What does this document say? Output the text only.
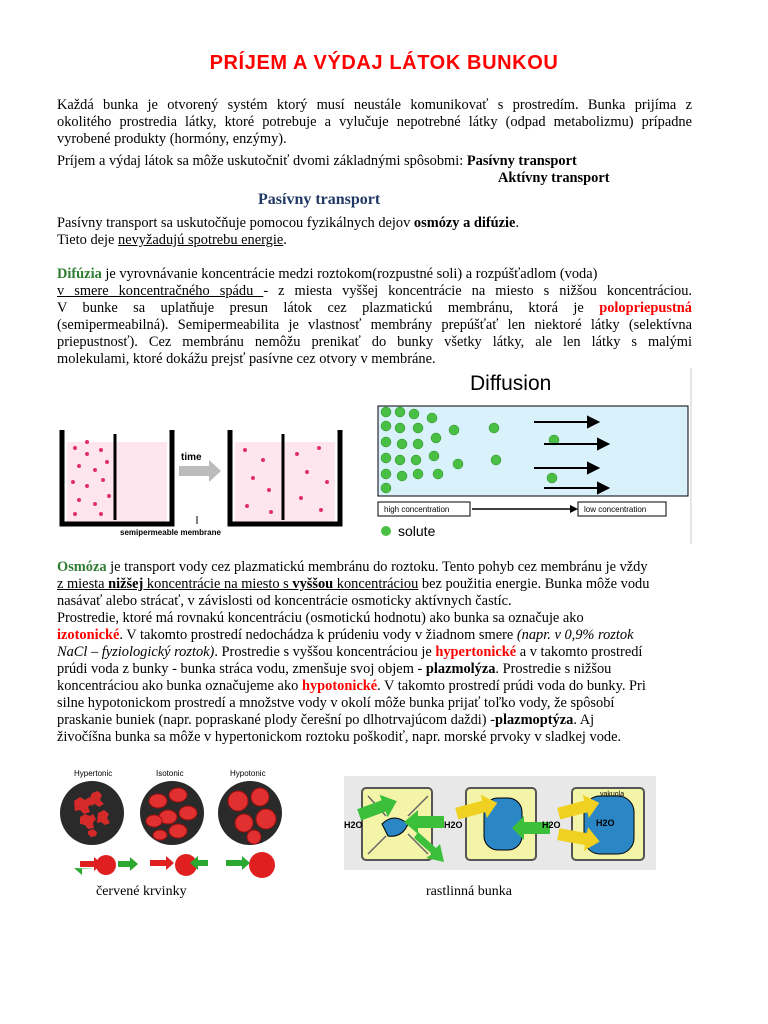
PRÍJEM A VÝDAJ LÁTOK BUNKOU
Každá bunka je otvorený systém ktorý musí neustále komunikovať s prostredím. Bunka prijíma z
okolitého prostredia látky, ktoré potrebuje a vylučuje nepotrebné látky (odpad metabolizmu) prípadne
vyrobené produkty (hormóny, enzýmy).
Príjem a výdaj látok sa môže uskutočniť dvomi základnými spôsobmi: Pasívny transport
Aktívny transport
Pasívny transport
Pasívny transport sa uskutočňuje pomocou fyzikálnych dejov osmózy a difúzie.
Tieto deje nevyžadujú spotrebu energie.
Difúzia je vyrovnávanie koncentrácie medzi roztokom(rozpustné soli) a rozpúšťadlom (voda)
v smere koncentračného spádu - z miesta vyššej koncentrácie na miesto s nižšou koncentráciou.
V bunke sa uplatňuje presun látok cez plazmatickú membránu, ktorá je polopriepustná
(semipermeabilná). Semipermeabilita je vlastnosť membrány prepúšťať len niektoré látky (selektívna
priepustnosť). Cez membránu nemôžu prenikať do bunky všetky látky, ale len látky s malými
molekulami, ktoré dokážu prejsť pasívne cez otvory v membráne.
time
semipermeable membrane
Diffusion
high concentration	low concentration
solute
Osmóza je transport vody cez plazmatickú membránu do roztoku. Tento pohyb cez membránu je vždy
z miesta nižšej koncentrácie na miesto s vyššou koncentráciou bez použitia energie. Bunka môže vodu
nasávať alebo strácať, v závislosti od koncentrácie osmoticky aktívnych častíc.
Prostredie, ktoré má rovnakú koncentráciu (osmotickú hodnotu) ako bunka sa označuje ako
izotonické. V takomto prostredí nedochádza k prúdeniu vody v žiadnom smere (napr. v 0,9% roztok
NaCl – fyziologický roztok). Prostredie s vyššou koncentráciou je hypertonické a v takomto prostredí
prúdi voda z bunky - bunka stráca vodu, zmenšuje svoj objem - plazmolýza. Prostredie s nižšou
koncentráciou ako bunka označujeme ako hypotonické. V takomto prostredí prúdi voda do bunky. Pri
silne hypotonickom prostredí a množstve vody v okolí môže bunka prijať toľko vody, že spôsobí
praskanie buniek (napr. popraskané plody čerešní po dlhotrvajúcom daždi) -plazmoptýza. Aj
živočíšna bunka sa môže v hypertonickom roztoku poškodiť, napr. morské prvoky v sladkej vode.
Hypertonic	Isotonic	Hypotonic
červené krvinky
H2O	H2O	H2O
vakuola
H2O
rastlinná bunka
